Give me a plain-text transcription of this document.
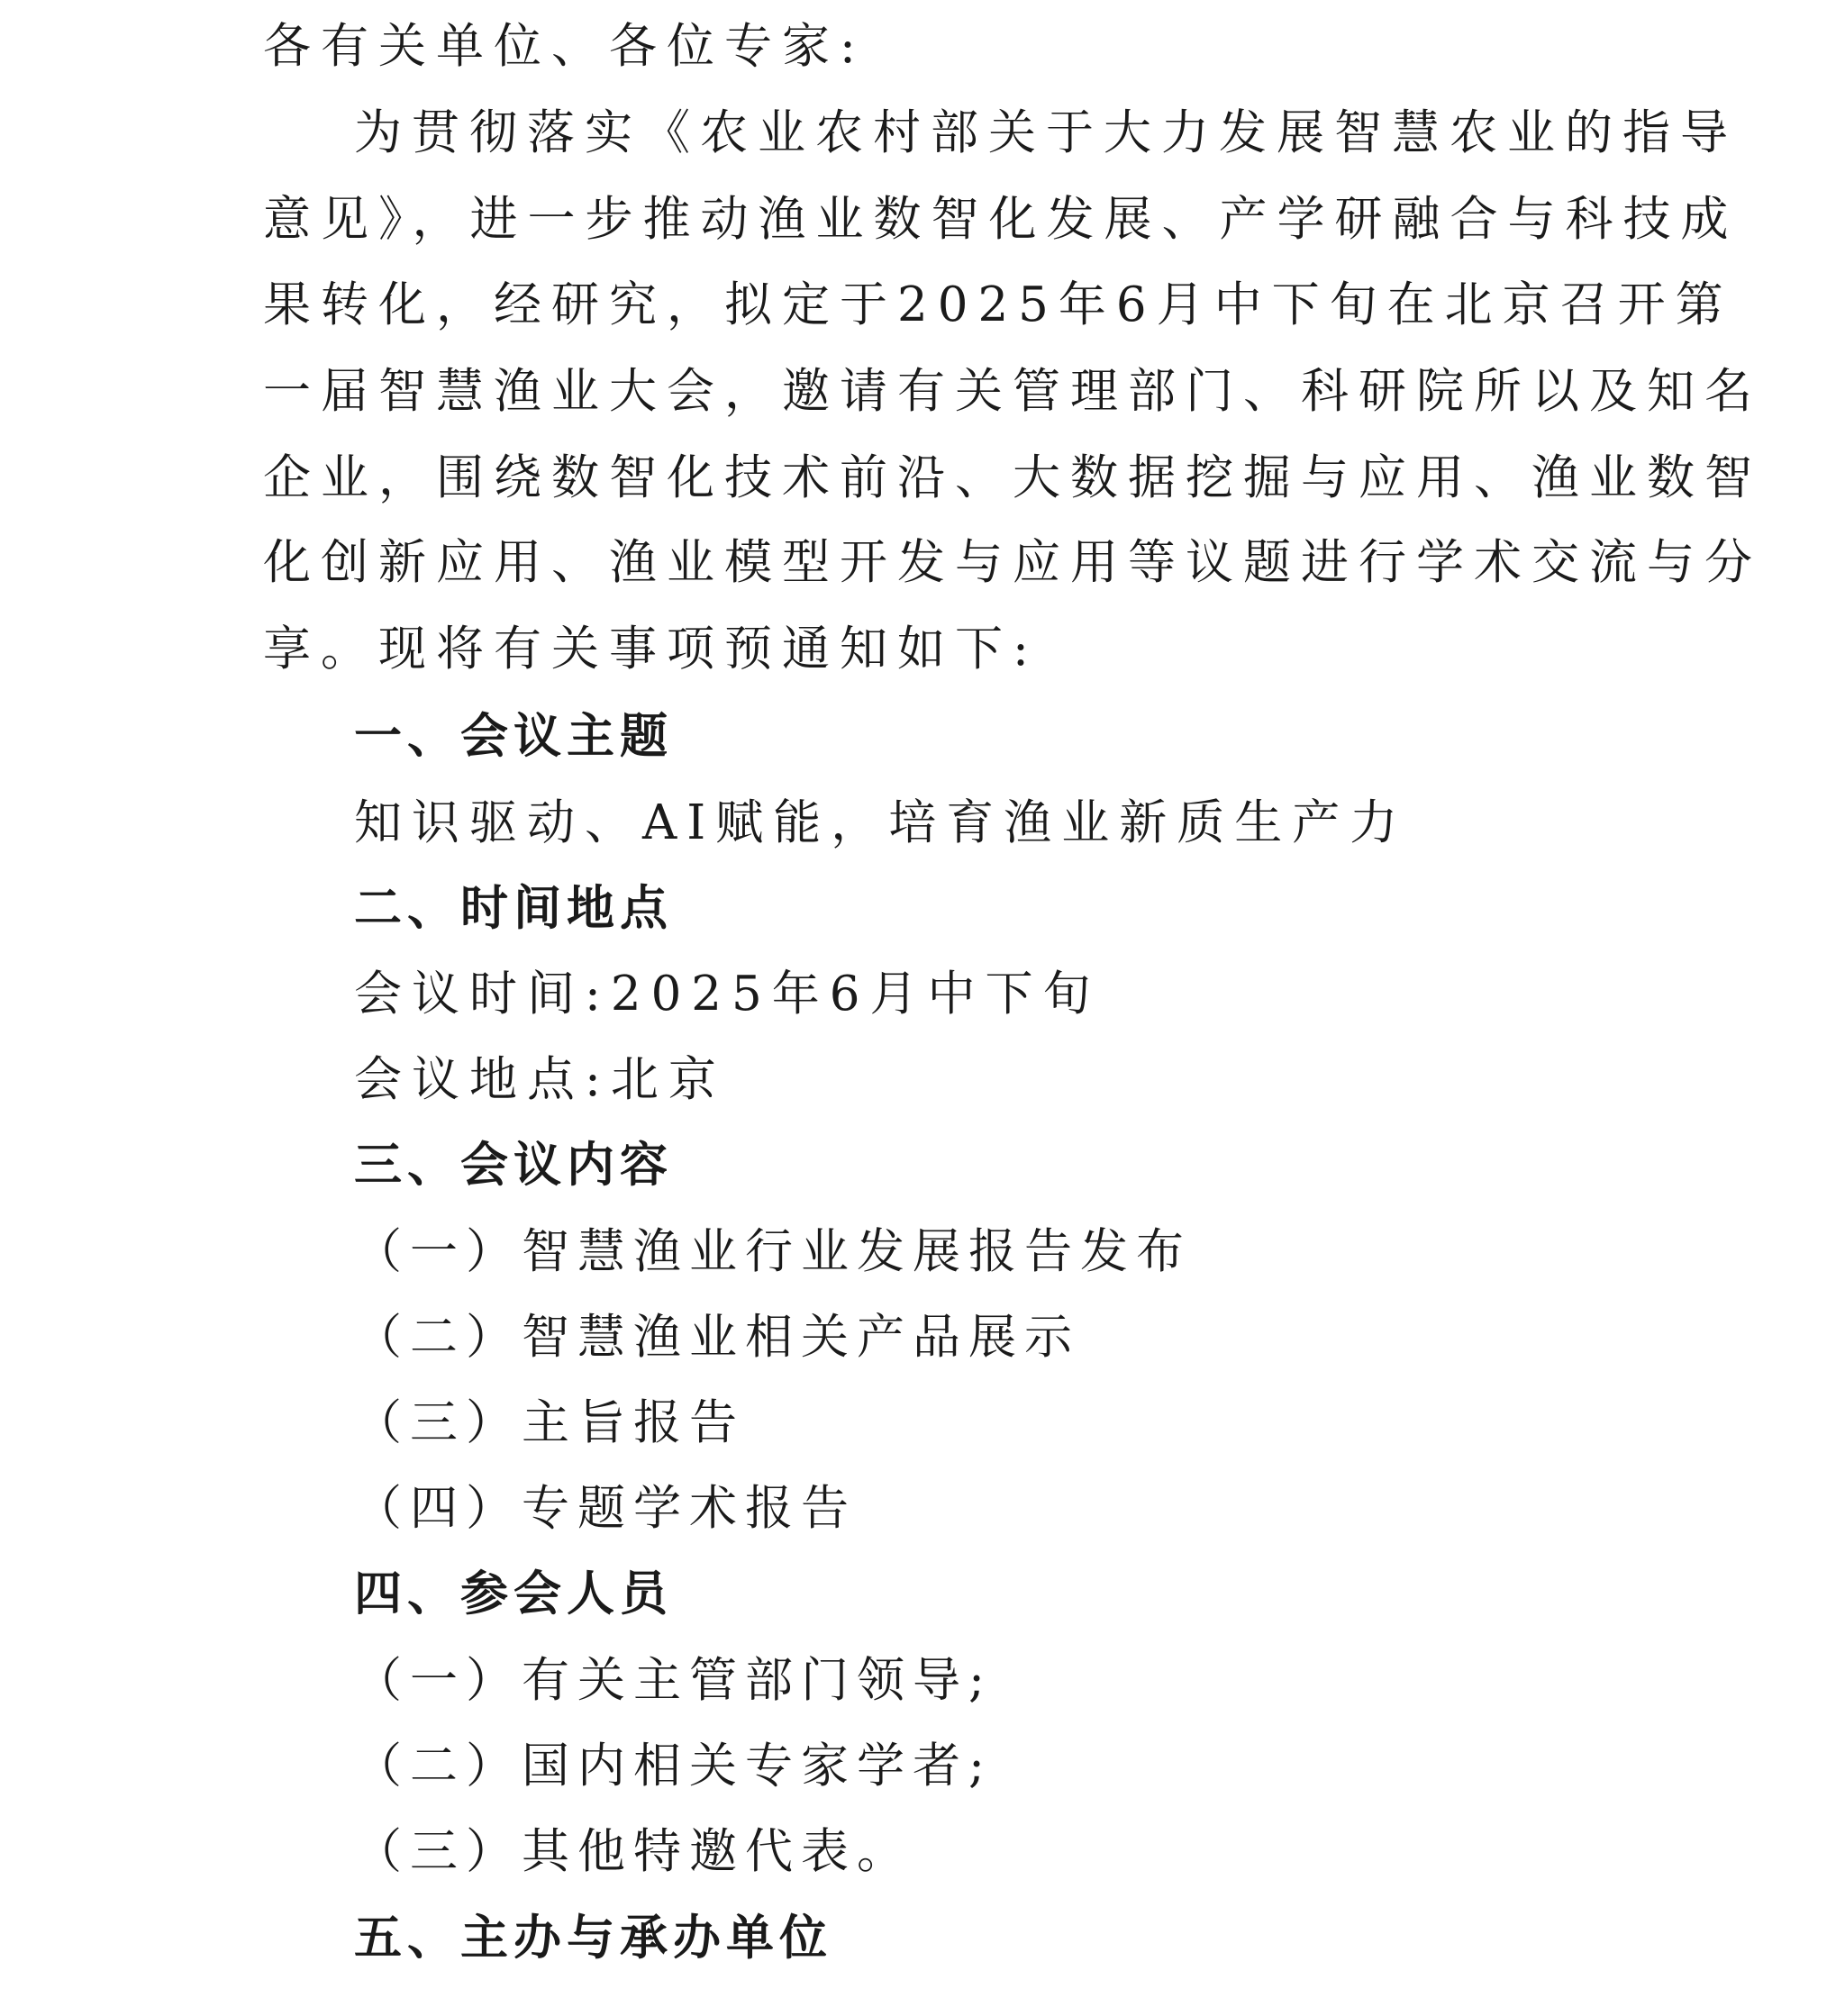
各有关单位、各位专家:
为贯彻落实《农业农村部关于大力发展智慧农业的指导
意见》，进一步推动渔业数智化发展、产学研融合与科技成
果转化，经研究，拟定于2025年6月中下旬在北京召开第
一届智慧渔业大会，邀请有关管理部门、科研院所以及知名
企业，围绕数智化技术前沿、大数据挖掘与应用、渔业数智
化创新应用、渔业模型开发与应用等议题进行学术交流与分
享。现将有关事项预通知如下:
一、会议主题
知识驱动、AI赋能，培育渔业新质生产力
二、时间地点
会议时间:2025年6月中下旬
会议地点:北京
三、会议内容
（一）智慧渔业行业发展报告发布
（二）智慧渔业相关产品展示
（三）主旨报告
（四）专题学术报告
四、参会人员
（一）有关主管部门领导;
（二）国内相关专家学者;
（三）其他特邀代表。
五、主办与承办单位
